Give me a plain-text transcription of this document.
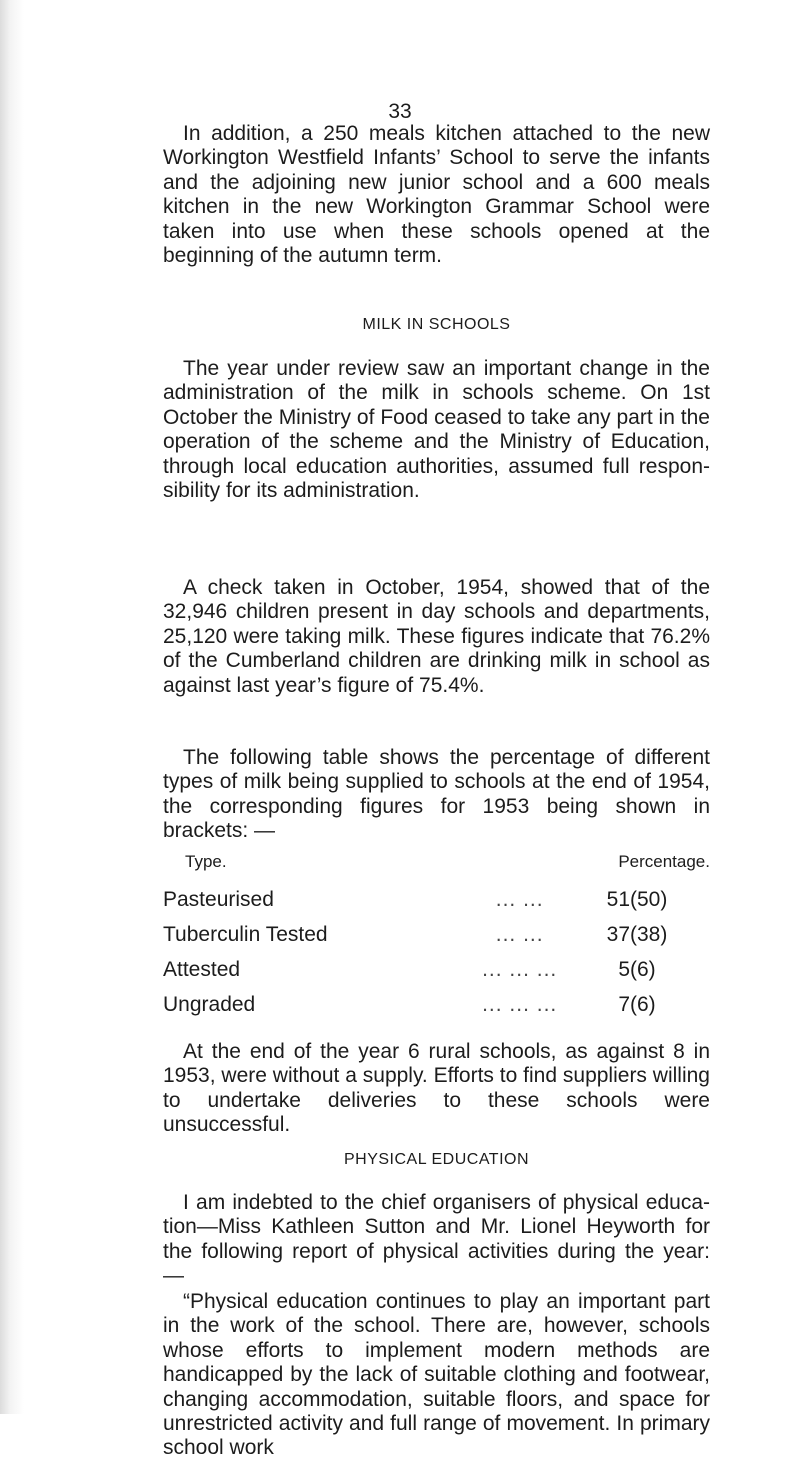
33

In addition, a 250 meals kitchen attached to the new Workington Westfield Infants’ School to serve the infants and the adjoining new junior school and a 600 meals kitchen in the new Workington Grammar School were taken into use when these schools opened at the beginning of the autumn term.

MILK IN SCHOOLS

The year under review saw an important change in the administration of the milk in schools scheme. On 1st October the Ministry of Food ceased to take any part in the operation of the scheme and the Ministry of Education, through local education authorities, assumed full responsibility for its administration.

A check taken in October, 1954, showed that of the 32,946 children present in day schools and departments, 25,120 were taking milk. These figures indicate that 76.2% of the Cumberland children are drinking milk in school as against last year’s figure of 75.4%.

The following table shows the percentage of different types of milk being supplied to schools at the end of 1954, the corresponding figures for 1953 being shown in brackets: —

Type.		Percentage.	
Pasteurised	... ...	51	(50)
Tuberculin Tested	... ...	37	(38)
Attested	... ... ...	5	(6)
Ungraded	... ... ...	7	(6)

At the end of the year 6 rural schools, as against 8 in 1953, were without a supply. Efforts to find suppliers willing to undertake deliveries to these schools were unsuccessful.

PHYSICAL EDUCATION

I am indebted to the chief organisers of physical education—Miss Kathleen Sutton and Mr. Lionel Heyworth for the following report of physical activities during the year: —

“Physical education continues to play an important part in the work of the school. There are, however, schools whose efforts to implement modern methods are handicapped by the lack of suitable clothing and footwear, changing accommodation, suitable floors, and space for unrestricted activity and full range of movement. In primary school work
